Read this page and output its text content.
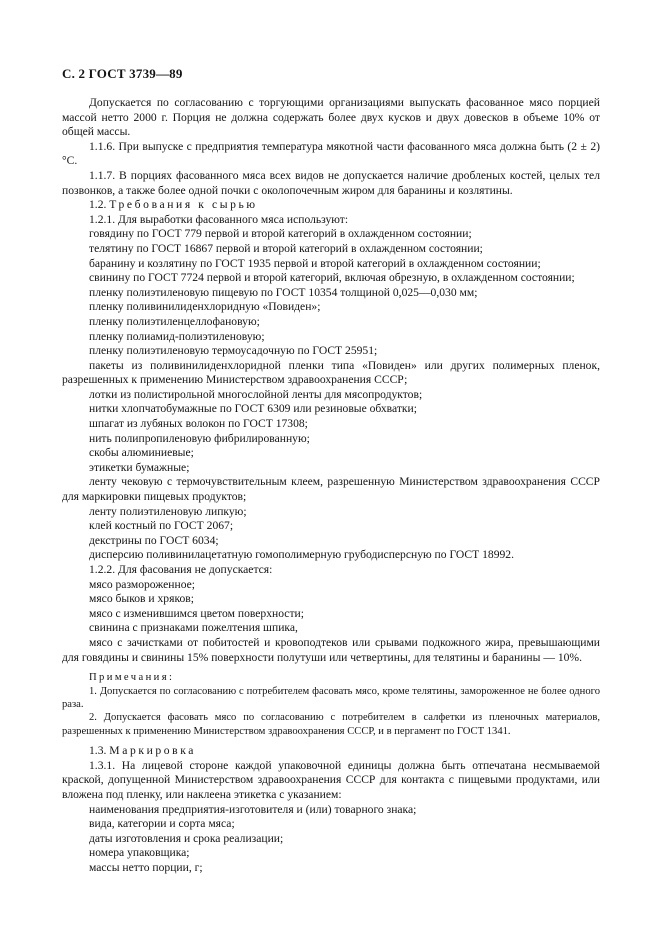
С. 2 ГОСТ 3739—89

Допускается по согласованию с торгующими организациями выпускать фасованное мясо порцией массой нетто 2000 г. Порция не должна содержать более двух кусков и двух довесков в объеме 10% от общей массы.

1.1.6. При выпуске с предприятия температура мякотной части фасованного мяса должна быть (2 ± 2)°С.

1.1.7. В порциях фасованного мяса всех видов не допускается наличие дробленых костей, целых тел позвонков, а также более одной почки с околопочечным жиром для баранины и козлятины.

1.2. Требования к сырью
1.2.1. Для выработки фасованного мяса используют:
говядину по ГОСТ 779 первой и второй категорий в охлажденном состоянии;
телятину по ГОСТ 16867 первой и второй категорий в охлажденном состоянии;
баранину и козлятину по ГОСТ 1935 первой и второй категорий в охлажденном состоянии;

свинину по ГОСТ 7724 первой и второй категорий, включая обрезную, в охлажденном состоянии;

пленку полиэтиленовую пищевую по ГОСТ 10354 толщиной 0,025—0,030 мм;
пленку поливинилиденхлоридную «Повиден»;
пленку полиэтиленцеллофановую;
пленку полиамид-полиэтиленовую;
пленку полиэтиленовую термоусадочную по ГОСТ 25951;

пакеты из поливинилиденхлоридной пленки типа «Повиден» или других полимерных пленок, разрешенных к применению Министерством здравоохранения СССР;

лотки из полистирольной многослойной ленты для мясопродуктов;
нитки хлопчатобумажные по ГОСТ 6309 или резиновые обхватки;
шпагат из лубяных волокон по ГОСТ 17308;
нить полипропиленовую фибрилированную;
скобы алюминиевые;
этикетки бумажные;

ленту чековую с термочувствительным клеем, разрешенную Министерством здравоохранения СССР для маркировки пищевых продуктов;

ленту полиэтиленовую липкую;
клей костный по ГОСТ 2067;
декстрины по ГОСТ 6034;
дисперсию поливинилацетатную гомополимерную грубодисперсную по ГОСТ 18992.
1.2.2. Для фасования не допускается:
мясо размороженное;
мясо быков и хряков;
мясо с изменившимся цветом поверхности;
свинина с признаками пожелтения шпика,

мясо с зачистками от побитостей и кровоподтеков или срывами подкожного жира, превышающими для говядины и свинины 15% поверхности полутуши или четвертины, для телятины и баранины — 10%.

Примечания:

1. Допускается по согласованию с потребителем фасовать мясо, кроме телятины, замороженное не более одного раза.

2. Допускается фасовать мясо по согласованию с потребителем в салфетки из пленочных материалов, разрешенных к применению Министерством здравоохранения СССР, и в пергамент по ГОСТ 1341.

1.3. Маркировка

1.3.1. На лицевой стороне каждой упаковочной единицы должна быть отпечатана несмываемой краской, допущенной Министерством здравоохранения СССР для контакта с пищевыми продуктами, или вложена под пленку, или наклеена этикетка с указанием:

наименования предприятия-изготовителя и (или) товарного знака;
вида, категории и сорта мяса;
даты изготовления и срока реализации;
номера упаковщика;
массы нетто порции, г;
